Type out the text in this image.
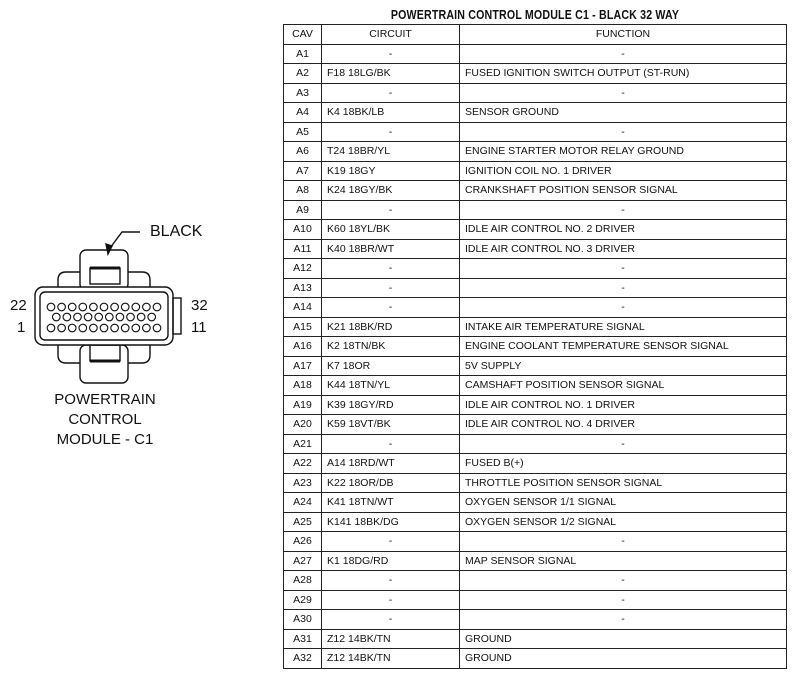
POWERTRAIN CONTROL MODULE C1 - BLACK 32 WAY
CAV	CIRCUIT	FUNCTION
A1	-	-
A2	F18 18LG/BK	FUSED IGNITION SWITCH OUTPUT (ST-RUN)
A3	-	-
A4	K4 18BK/LB	SENSOR GROUND
A5	-	-
A6	T24 18BR/YL	ENGINE STARTER MOTOR RELAY GROUND
A7	K19 18GY	IGNITION COIL NO. 1 DRIVER
A8	K24 18GY/BK	CRANKSHAFT POSITION SENSOR SIGNAL
A9	-	-
A10	K60 18YL/BK	IDLE AIR CONTROL NO. 2 DRIVER
A11	K40 18BR/WT	IDLE AIR CONTROL NO. 3 DRIVER
A12	-	-
A13	-	-
A14	-	-
A15	K21 18BK/RD	INTAKE AIR TEMPERATURE SIGNAL
A16	K2 18TN/BK	ENGINE COOLANT TEMPERATURE SENSOR SIGNAL
A17	K7 18OR	5V SUPPLY
A18	K44 18TN/YL	CAMSHAFT POSITION SENSOR SIGNAL
A19	K39 18GY/RD	IDLE AIR CONTROL NO. 1 DRIVER
A20	K59 18VT/BK	IDLE AIR CONTROL NO. 4 DRIVER
A21	-	-
A22	A14 18RD/WT	FUSED B(+)
A23	K22 18OR/DB	THROTTLE POSITION SENSOR SIGNAL
A24	K41 18TN/WT	OXYGEN SENSOR 1/1 SIGNAL
A25	K141 18BK/DG	OXYGEN SENSOR 1/2 SIGNAL
A26	-	-
A27	K1 18DG/RD	MAP SENSOR SIGNAL
A28	-	-
A29	-	-
A30	-	-
A31	Z12 14BK/TN	GROUND
A32	Z12 14BK/TN	GROUND
BLACK
22
1
32
11
POWERTRAIN
CONTROL
MODULE - C1
